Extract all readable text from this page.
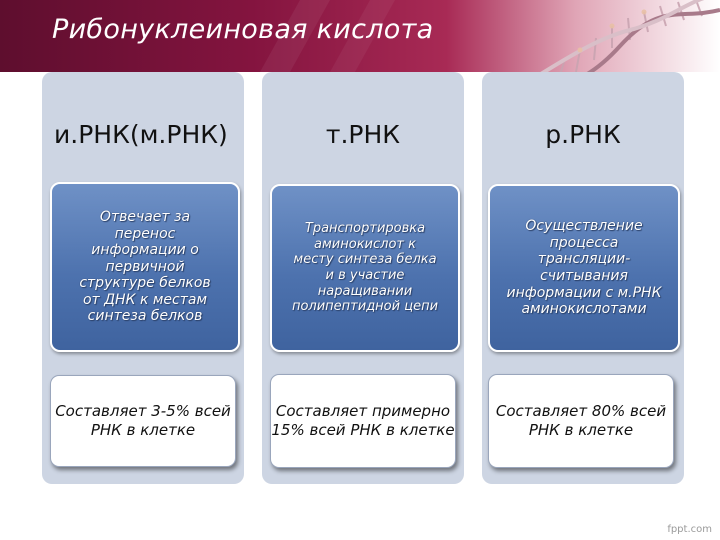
Рибонуклеиновая кислота
и.РНК(м.РНК)	т.РНК	р.РНК
Отвечает за
перенос
информации о
первичной
структуре белков
от ДНК к местам
синтеза белков
Транспортировка
аминокислот к
месту синтеза белка
и в участие
наращивании
полипептидной цепи
Осуществление
процесса
трансляции-
считывания
информации с м.РНК
аминокислотами
Составляет 3-5% всей РНК в клетке
Составляет примерно 15% всей РНК в клетке
Составляет 80% всей РНК в клетке
fppt.com
